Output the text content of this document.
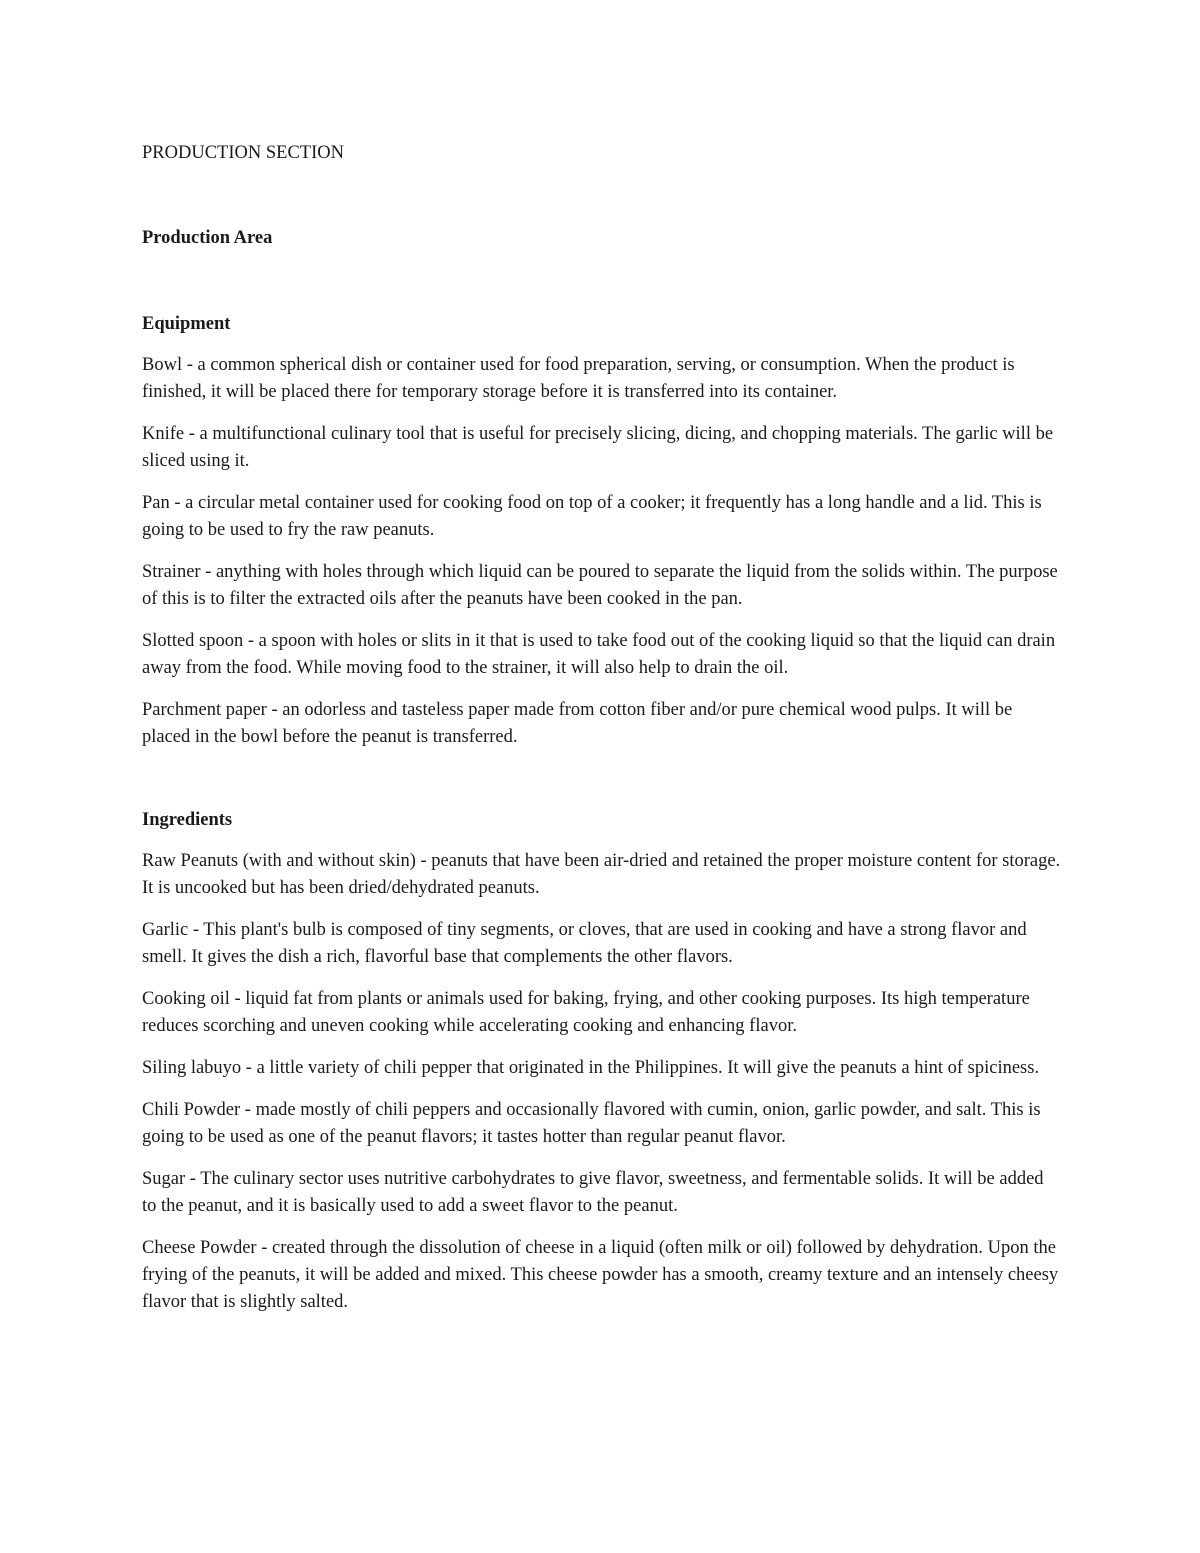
PRODUCTION SECTION
Production Area
Equipment

Bowl - a common spherical dish or container used for food preparation, serving, or consumption. When the product is finished, it will be placed there for temporary storage before it is transferred into its container.

Knife - a multifunctional culinary tool that is useful for precisely slicing, dicing, and chopping materials. The garlic will be sliced using it.

Pan - a circular metal container used for cooking food on top of a cooker; it frequently has a long handle and a lid. This is going to be used to fry the raw peanuts.

Strainer - anything with holes through which liquid can be poured to separate the liquid from the solids within. The purpose of this is to filter the extracted oils after the peanuts have been cooked in the pan.

Slotted spoon - a spoon with holes or slits in it that is used to take food out of the cooking liquid so that the liquid can drain away from the food. While moving food to the strainer, it will also help to drain the oil.

Parchment paper - an odorless and tasteless paper made from cotton fiber and/or pure chemical wood pulps. It will be placed in the bowl before the peanut is transferred.

Ingredients

Raw Peanuts (with and without skin) - peanuts that have been air-dried and retained the proper moisture content for storage. It is uncooked but has been dried/dehydrated peanuts.

Garlic - This plant's bulb is composed of tiny segments, or cloves, that are used in cooking and have a strong flavor and smell. It gives the dish a rich, flavorful base that complements the other flavors.

Cooking oil - liquid fat from plants or animals used for baking, frying, and other cooking purposes. Its high temperature reduces scorching and uneven cooking while accelerating cooking and enhancing flavor.

Siling labuyo - a little variety of chili pepper that originated in the Philippines. It will give the peanuts a hint of spiciness.

Chili Powder - made mostly of chili peppers and occasionally flavored with cumin, onion, garlic powder, and salt. This is going to be used as one of the peanut flavors; it tastes hotter than regular peanut flavor.

Sugar - The culinary sector uses nutritive carbohydrates to give flavor, sweetness, and fermentable solids. It will be added to the peanut, and it is basically used to add a sweet flavor to the peanut.

Cheese Powder - created through the dissolution of cheese in a liquid (often milk or oil) followed by dehydration. Upon the frying of the peanuts, it will be added and mixed. This cheese powder has a smooth, creamy texture and an intensely cheesy flavor that is slightly salted.
